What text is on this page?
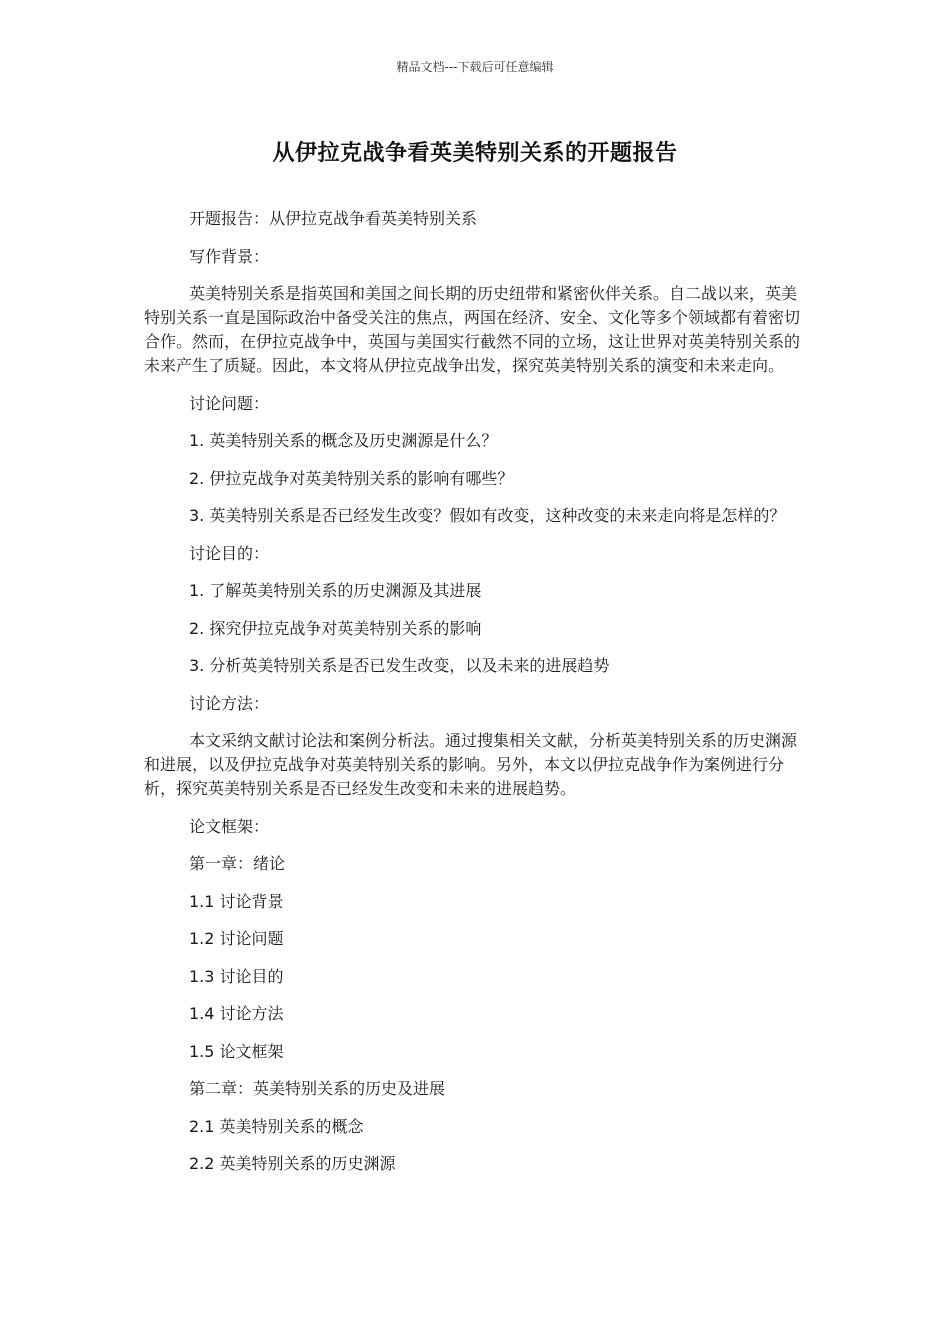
精品文档---下载后可任意编辑
从伊拉克战争看英美特别关系的开题报告

开题报告：从伊拉克战争看英美特别关系

写作背景：

英美特别关系是指英国和美国之间长期的历史纽带和紧密伙伴关系。自二战以来，英美特别关系一直是国际政治中备受关注的焦点，两国在经济、安全、文化等多个领域都有着密切合作。然而，在伊拉克战争中，英国与美国实行截然不同的立场，这让世界对英美特别关系的未来产生了质疑。因此，本文将从伊拉克战争出发，探究英美特别关系的演变和未来走向。

讨论问题：

1. 英美特别关系的概念及历史渊源是什么？

2. 伊拉克战争对英美特别关系的影响有哪些？

3. 英美特别关系是否已经发生改变？假如有改变，这种改变的未来走向将是怎样的？

讨论目的：

1. 了解英美特别关系的历史渊源及其进展

2. 探究伊拉克战争对英美特别关系的影响

3. 分析英美特别关系是否已发生改变，以及未来的进展趋势

讨论方法：

本文采纳文献讨论法和案例分析法。通过搜集相关文献，分析英美特别关系的历史渊源和进展，以及伊拉克战争对英美特别关系的影响。另外，本文以伊拉克战争作为案例进行分析，探究英美特别关系是否已经发生改变和未来的进展趋势。

论文框架：

第一章：绪论

1.1 讨论背景

1.2 讨论问题

1.3 讨论目的

1.4 讨论方法

1.5 论文框架

第二章：英美特别关系的历史及进展

2.1 英美特别关系的概念

2.2 英美特别关系的历史渊源
